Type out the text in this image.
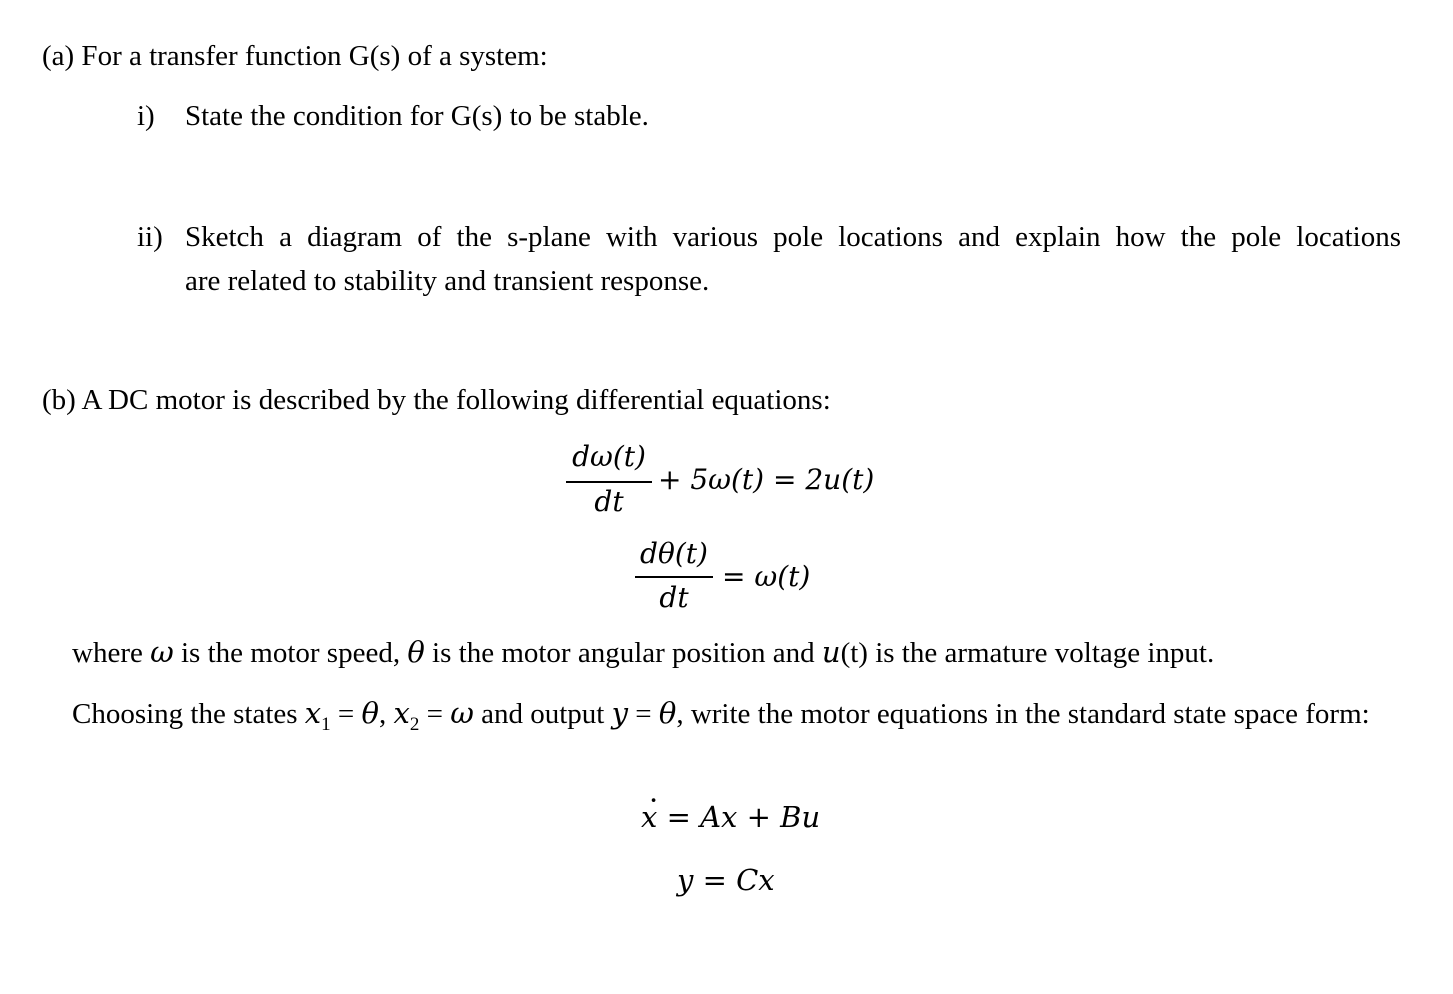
(a) For a transfer function G(s) of a system:
i) State the condition for G(s) to be stable.
ii) Sketch a diagram of the s-plane with various pole locations and explain how the pole locations
are related to stability and transient response.
(b) A DC motor is described by the following differential equations:
dω(t)
dt
+ 5ω(t) = 2u(t)
dθ(t)
dt
= ω(t)
where ω is the motor speed, θ is the motor angular position and u(t) is the armature voltage input.
Choosing the states $x_1 = \theta$, $x_2 = \omega$ and output y = θ, write the motor equations in the standard state space form:
x · = Ax + Bu
y = Cx
